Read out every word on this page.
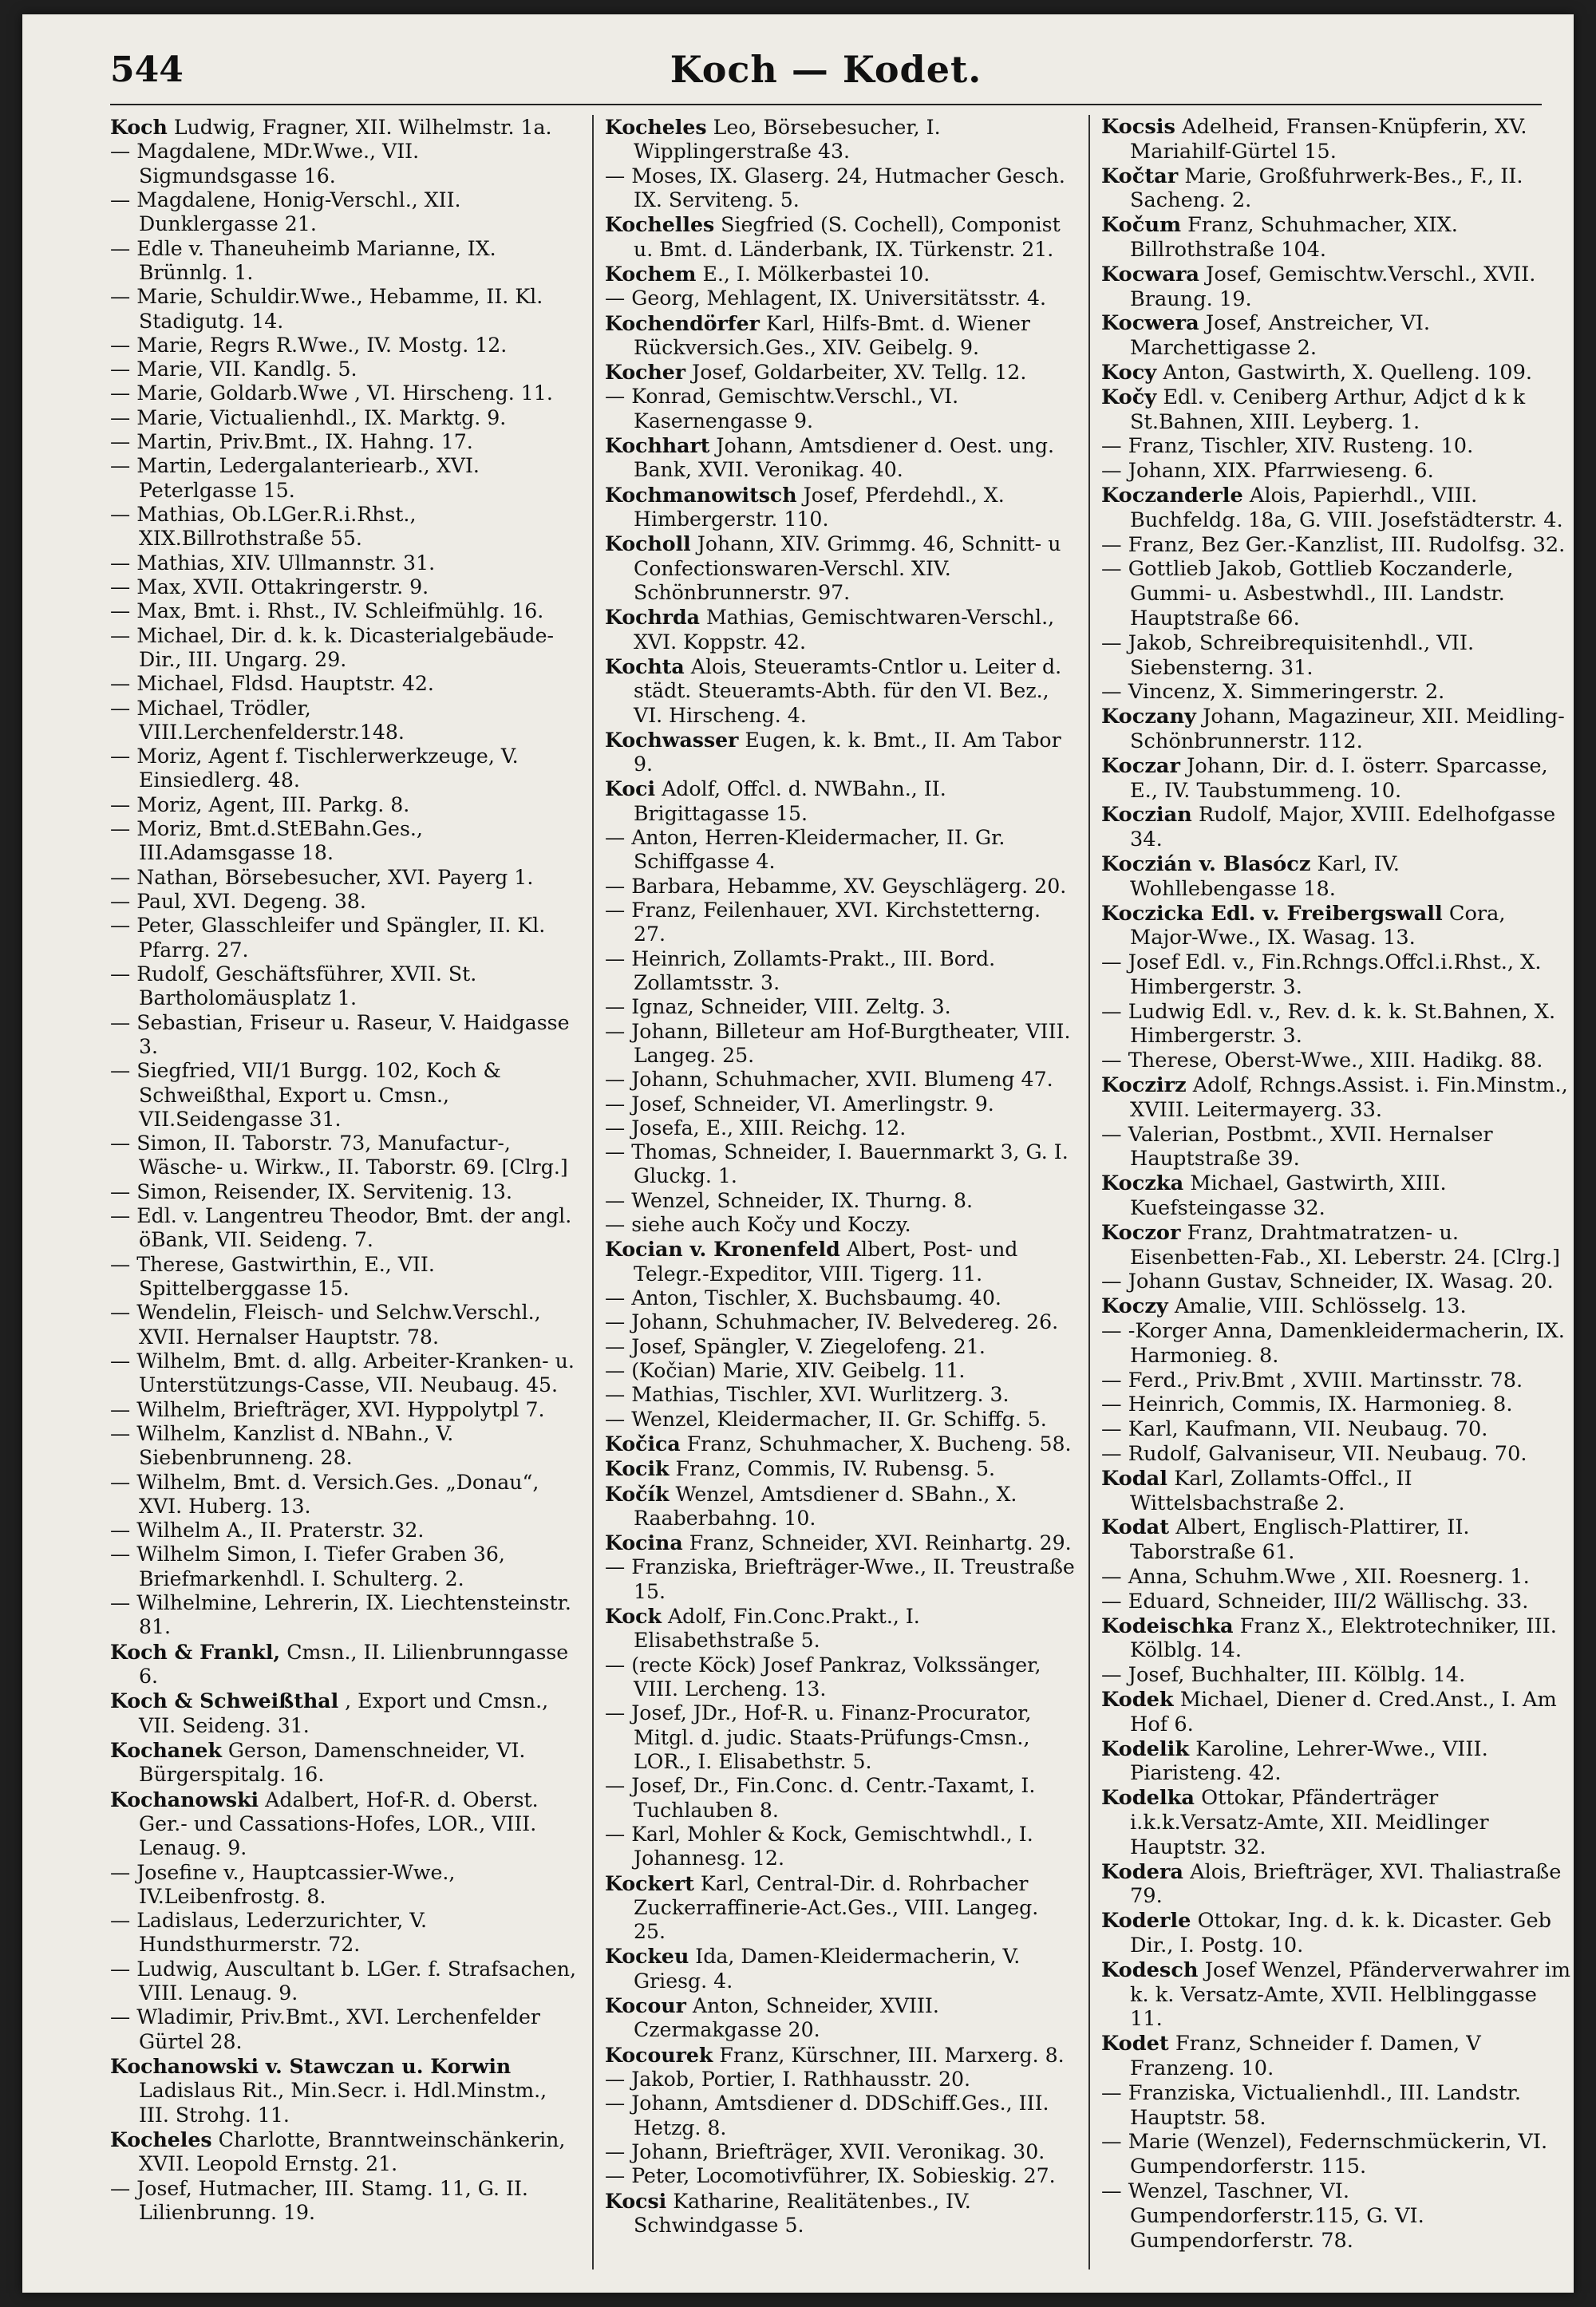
544	Koch — Kodet.
Koch Ludwig, Fragner, XII. Wilhelmstr. 1a.
— Magdalene, MDr.Wwe., VII. Sigmundsgasse 16.
— Magdalene, Honig-Verschl., XII. Dunklergasse 21.
— Edle v. Thaneuheimb Marianne, IX. Brünnlg. 1.
— Marie, Schuldir.Wwe., Hebamme, II. Kl. Stadigutg. 14.
— Marie, Regrs R.Wwe., IV. Mostg. 12.
— Marie, VII. Kandlg. 5.
— Marie, Goldarb.Wwe , VI. Hirscheng. 11.
— Marie, Victualienhdl., IX. Marktg. 9.
— Martin, Priv.Bmt., IX. Hahng. 17.
— Martin, Ledergalanteriearb., XVI. Peterlgasse 15.
— Mathias, Ob.LGer.R.i.Rhst., XIX.Billrothstraße 55.
— Mathias, XIV. Ullmannstr. 31.
— Max, XVII. Ottakringerstr. 9.
— Max, Bmt. i. Rhst., IV. Schleifmühlg. 16.
— Michael, Dir. d. k. k. Dicasterialgebäude-Dir., III. Ungarg. 29.
— Michael, Fldsd. Hauptstr. 42.
— Michael, Trödler, VIII.Lerchenfelderstr.148.
— Moriz, Agent f. Tischlerwerkzeuge, V. Einsiedlerg. 48.
— Moriz, Agent, III. Parkg. 8.
— Moriz, Bmt.d.StEBahn.Ges., III.Adamsgasse 18.
— Nathan, Börsebesucher, XVI. Payerg 1.
— Paul, XVI. Degeng. 38.
— Peter, Glasschleifer und Spängler, II. Kl. Pfarrg. 27.
— Rudolf, Geschäftsführer, XVII. St. Bartholomäusplatz 1.
— Sebastian, Friseur u. Raseur, V. Haidgasse 3.
— Siegfried, VII/1 Burgg. 102, Koch & Schweißthal, Export u. Cmsn., VII.Seidengasse 31.
— Simon, II. Taborstr. 73, Manufactur-, Wäsche- u. Wirkw., II. Taborstr. 69. [Clrg.]
— Simon, Reisender, IX. Servitenig. 13.
— Edl. v. Langentreu Theodor, Bmt. der angl. öBank, VII. Seideng. 7.
— Therese, Gastwirthin, E., VII. Spittelberggasse 15.
— Wendelin, Fleisch- und Selchw.Verschl., XVII. Hernalser Hauptstr. 78.
— Wilhelm, Bmt. d. allg. Arbeiter-Kranken- u. Unterstützungs-Casse, VII. Neubaug. 45.
— Wilhelm, Briefträger, XVI. Hyppolytpl 7.
— Wilhelm, Kanzlist d. NBahn., V. Siebenbrunneng. 28.
— Wilhelm, Bmt. d. Versich.Ges. „Donau“, XVI. Huberg. 13.
— Wilhelm A., II. Praterstr. 32.
— Wilhelm Simon, I. Tiefer Graben 36, Briefmarkenhdl. I. Schulterg. 2.
— Wilhelmine, Lehrerin, IX. Liechtensteinstr. 81.
Koch & Frankl, Cmsn., II. Lilienbrunngasse 6.
Koch & Schweißthal , Export und Cmsn., VII. Seideng. 31.
Kochanek Gerson, Damenschneider, VI. Bürgerspitalg. 16.
Kochanowski Adalbert, Hof-R. d. Oberst. Ger.- und Cassations-Hofes, LOR., VIII. Lenaug. 9.
— Josefine v., Hauptcassier-Wwe., IV.Leibenfrostg. 8.
— Ladislaus, Lederzurichter, V. Hundsthurmerstr. 72.
— Ludwig, Auscultant b. LGer. f. Strafsachen, VIII. Lenaug. 9.
— Wladimir, Priv.Bmt., XVI. Lerchenfelder Gürtel 28.
Kochanowski v. Stawczan u. Korwin Ladislaus Rit., Min.Secr. i. Hdl.Minstm., III. Strohg. 11.
Kocheles Charlotte, Branntweinschänkerin, XVII. Leopold Ernstg. 21.
— Josef, Hutmacher, III. Stamg. 11, G. II. Lilienbrunng. 19.
Kocheles Leo, Börsebesucher, I. Wipplingerstraße 43.
— Moses, IX. Glaserg. 24, Hutmacher Gesch. IX. Serviteng. 5.
Kochelles Siegfried (S. Cochell), Componist u. Bmt. d. Länderbank, IX. Türkenstr. 21.
Kochem E., I. Mölkerbastei 10.
— Georg, Mehlagent, IX. Universitätsstr. 4.
Kochendörfer Karl, Hilfs-Bmt. d. Wiener Rückversich.Ges., XIV. Geibelg. 9.
Kocher Josef, Goldarbeiter, XV. Tellg. 12.
— Konrad, Gemischtw.Verschl., VI. Kasernengasse 9.
Kochhart Johann, Amtsdiener d. Oest. ung. Bank, XVII. Veronikag. 40.
Kochmanowitsch Josef, Pferdehdl., X. Himbergerstr. 110.
Kocholl Johann, XIV. Grimmg. 46, Schnitt- u Confectionswaren-Verschl. XIV. Schönbrunnerstr. 97.
Kochrda Mathias, Gemischtwaren-Verschl., XVI. Koppstr. 42.
Kochta Alois, Steueramts-Cntlor u. Leiter d. städt. Steueramts-Abth. für den VI. Bez., VI. Hirscheng. 4.
Kochwasser Eugen, k. k. Bmt., II. Am Tabor 9.
Koci Adolf, Offcl. d. NWBahn., II. Brigittagasse 15.
— Anton, Herren-Kleidermacher, II. Gr. Schiffgasse 4.
— Barbara, Hebamme, XV. Geyschlägerg. 20.
— Franz, Feilenhauer, XVI. Kirchstetterng. 27.
— Heinrich, Zollamts-Prakt., III. Bord. Zollamtsstr. 3.
— Ignaz, Schneider, VIII. Zeltg. 3.
— Johann, Billeteur am Hof-Burgtheater, VIII. Langeg. 25.
— Johann, Schuhmacher, XVII. Blumeng 47.
— Josef, Schneider, VI. Amerlingstr. 9.
— Josefa, E., XIII. Reichg. 12.
— Thomas, Schneider, I. Bauernmarkt 3, G. I. Gluckg. 1.
— Wenzel, Schneider, IX. Thurng. 8.
— siehe auch Kočy und Koczy.
Kocian v. Kronenfeld Albert, Post- und Telegr.-Expeditor, VIII. Tigerg. 11.
— Anton, Tischler, X. Buchsbaumg. 40.
— Johann, Schuhmacher, IV. Belvedereg. 26.
— Josef, Spängler, V. Ziegelofeng. 21.
— (Kočian) Marie, XIV. Geibelg. 11.
— Mathias, Tischler, XVI. Wurlitzerg. 3.
— Wenzel, Kleidermacher, II. Gr. Schiffg. 5.
Kočica Franz, Schuhmacher, X. Bucheng. 58.
Kocik Franz, Commis, IV. Rubensg. 5.
Kočík Wenzel, Amtsdiener d. SBahn., X. Raaberbahng. 10.
Kocina Franz, Schneider, XVI. Reinhartg. 29.
— Franziska, Briefträger-Wwe., II. Treustraße 15.
Kock Adolf, Fin.Conc.Prakt., I. Elisabethstraße 5.
— (recte Köck) Josef Pankraz, Volkssänger, VIII. Lercheng. 13.
— Josef, JDr., Hof-R. u. Finanz-Procurator, Mitgl. d. judic. Staats-Prüfungs-Cmsn., LOR., I. Elisabethstr. 5.
— Josef, Dr., Fin.Conc. d. Centr.-Taxamt, I. Tuchlauben 8.
— Karl, Mohler & Kock, Gemischtwhdl., I. Johannesg. 12.
Kockert Karl, Central-Dir. d. Rohrbacher Zuckerraffinerie-Act.Ges., VIII. Langeg. 25.
Kockeu Ida, Damen-Kleidermacherin, V. Griesg. 4.
Kocour Anton, Schneider, XVIII. Czermakgasse 20.
Kocourek Franz, Kürschner, III. Marxerg. 8.
— Jakob, Portier, I. Rathhausstr. 20.
— Johann, Amtsdiener d. DDSchiff.Ges., III. Hetzg. 8.
— Johann, Briefträger, XVII. Veronikag. 30.
— Peter, Locomotivführer, IX. Sobieskig. 27.
Kocsi Katharine, Realitätenbes., IV. Schwindgasse 5.
Kocsis Adelheid, Fransen-Knüpferin, XV. Mariahilf-Gürtel 15.
Kočtar Marie, Großfuhrwerk-Bes., F., II. Sacheng. 2.
Kočum Franz, Schuhmacher, XIX. Billrothstraße 104.
Kocwara Josef, Gemischtw.Verschl., XVII. Braung. 19.
Kocwera Josef, Anstreicher, VI. Marchettigasse 2.
Kocy Anton, Gastwirth, X. Quelleng. 109.
Kočy Edl. v. Ceniberg Arthur, Adjct d k k St.Bahnen, XIII. Leyberg. 1.
— Franz, Tischler, XIV. Rusteng. 10.
— Johann, XIX. Pfarrwieseng. 6.
Koczanderle Alois, Papierhdl., VIII. Buchfeldg. 18a, G. VIII. Josefstädterstr. 4.
— Franz, Bez Ger.-Kanzlist, III. Rudolfsg. 32.
— Gottlieb Jakob, Gottlieb Koczanderle, Gummi- u. Asbestwhdl., III. Landstr. Hauptstraße 66.
— Jakob, Schreibrequisitenhdl., VII. Siebensterng. 31.
— Vincenz, X. Simmeringerstr. 2.
Koczany Johann, Magazineur, XII. Meidling-Schönbrunnerstr. 112.
Koczar Johann, Dir. d. I. österr. Sparcasse, E., IV. Taubstummeng. 10.
Koczian Rudolf, Major, XVIII. Edelhofgasse 34.
Koczián v. Blasócz Karl, IV. Wohllebengasse 18.
Koczicka Edl. v. Freibergswall Cora, Major-Wwe., IX. Wasag. 13.
— Josef Edl. v., Fin.Rchngs.Offcl.i.Rhst., X. Himbergerstr. 3.
— Ludwig Edl. v., Rev. d. k. k. St.Bahnen, X. Himbergerstr. 3.
— Therese, Oberst-Wwe., XIII. Hadikg. 88.
Koczirz Adolf, Rchngs.Assist. i. Fin.Minstm., XVIII. Leitermayerg. 33.
— Valerian, Postbmt., XVII. Hernalser Hauptstraße 39.
Koczka Michael, Gastwirth, XIII. Kuefsteingasse 32.
Koczor Franz, Drahtmatratzen- u. Eisenbetten-Fab., XI. Leberstr. 24. [Clrg.]
— Johann Gustav, Schneider, IX. Wasag. 20.
Koczy Amalie, VIII. Schlösselg. 13.
— -Korger Anna, Damenkleidermacherin, IX. Harmonieg. 8.
— Ferd., Priv.Bmt , XVIII. Martinsstr. 78.
— Heinrich, Commis, IX. Harmonieg. 8.
— Karl, Kaufmann, VII. Neubaug. 70.
— Rudolf, Galvaniseur, VII. Neubaug. 70.
Kodal Karl, Zollamts-Offcl., II Wittelsbachstraße 2.
Kodat Albert, Englisch-Plattirer, II. Taborstraße 61.
— Anna, Schuhm.Wwe , XII. Roesnerg. 1.
— Eduard, Schneider, III/2 Wällischg. 33.
Kodeischka Franz X., Elektrotechniker, III. Kölblg. 14.
— Josef, Buchhalter, III. Kölblg. 14.
Kodek Michael, Diener d. Cred.Anst., I. Am Hof 6.
Kodelik Karoline, Lehrer-Wwe., VIII. Piaristeng. 42.
Kodelka Ottokar, Pfänderträger i.k.k.Versatz-Amte, XII. Meidlinger Hauptstr. 32.
Kodera Alois, Briefträger, XVI. Thaliastraße 79.
Koderle Ottokar, Ing. d. k. k. Dicaster. Geb Dir., I. Postg. 10.
Kodesch Josef Wenzel, Pfänderverwahrer im k. k. Versatz-Amte, XVII. Helblinggasse 11.
Kodet Franz, Schneider f. Damen, V Franzeng. 10.
— Franziska, Victualienhdl., III. Landstr. Hauptstr. 58.
— Marie (Wenzel), Federnschmückerin, VI. Gumpendorferstr. 115.
— Wenzel, Taschner, VI. Gumpendorferstr.115, G. VI. Gumpendorferstr. 78.
